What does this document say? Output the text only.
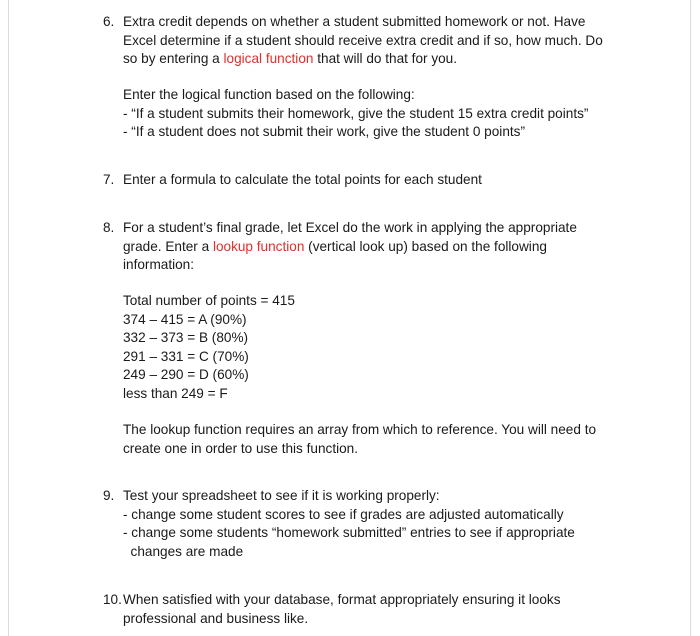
6. Extra credit depends on whether a student submitted homework or not. Have
Excel determine if a student should receive extra credit and if so, how much. Do
so by entering a logical function that will do that for you.
Enter the logical function based on the following:
- “If a student submits their homework, give the student 15 extra credit points”
- “If a student does not submit their work, give the student 0 points”
7. Enter a formula to calculate the total points for each student
8. For a student’s final grade, let Excel do the work in applying the appropriate
grade. Enter a lookup function (vertical look up) based on the following
information:
Total number of points = 415
374 – 415 = A (90%)
332 – 373 = B (80%)
291 – 331 = C (70%)
249 – 290 = D (60%)
less than 249 = F
The lookup function requires an array from which to reference. You will need to
create one in order to use this function.
9. Test your spreadsheet to see if it is working properly:
- change some student scores to see if grades are adjusted automatically
- change some students “homework submitted” entries to see if appropriate
changes are made
10. When satisfied with your database, format appropriately ensuring it looks
professional and business like.
